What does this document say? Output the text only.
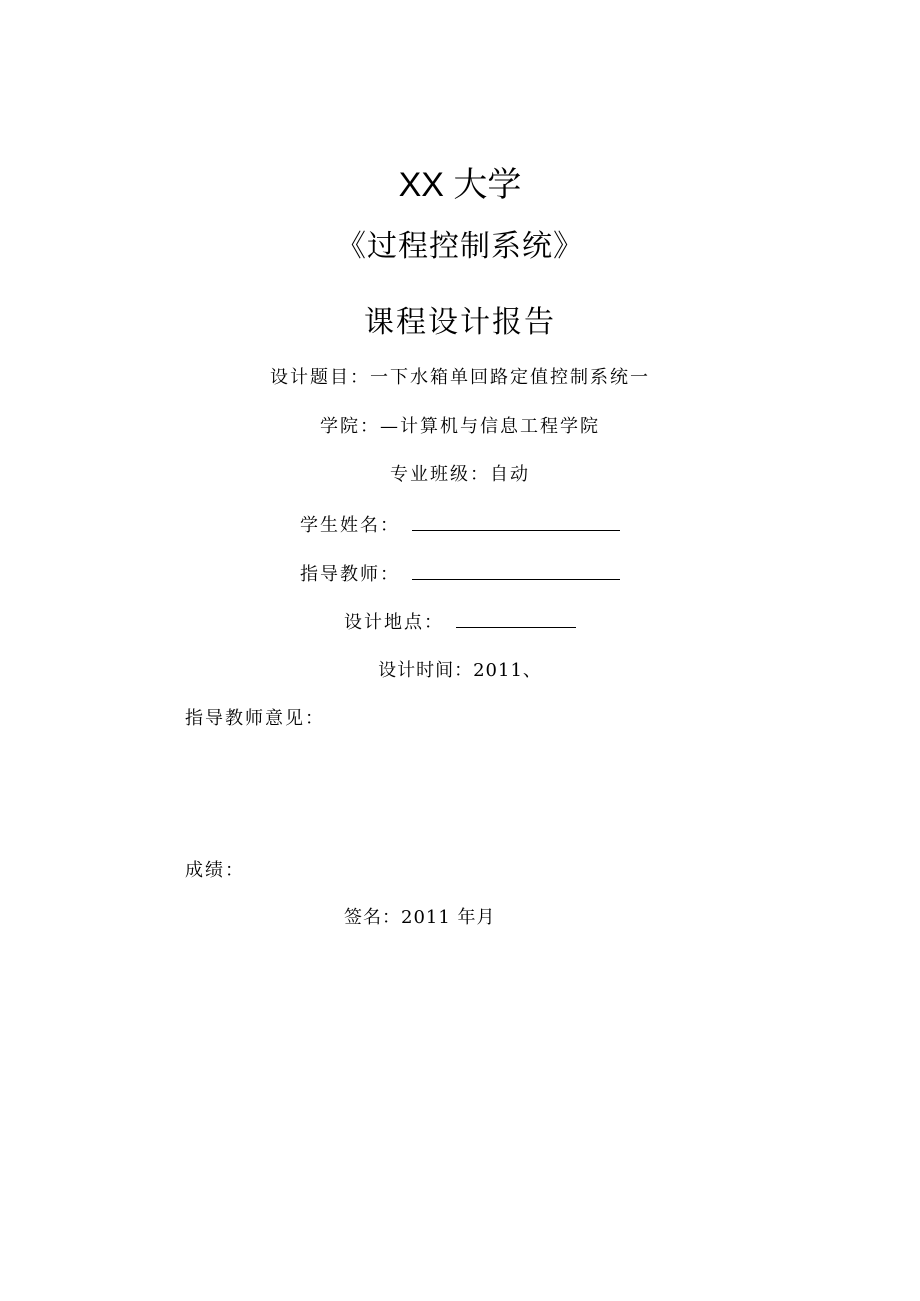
XX 大学
《过程控制系统》
课程设计报告
设计题目：一下水箱单回路定值控制系统一
学院：—计算机与信息工程学院
专业班级：自动
学生姓名：
指导教师：
设计地点：
设计时间：2011、
指导教师意见：
成绩：
签名：2011 年月
